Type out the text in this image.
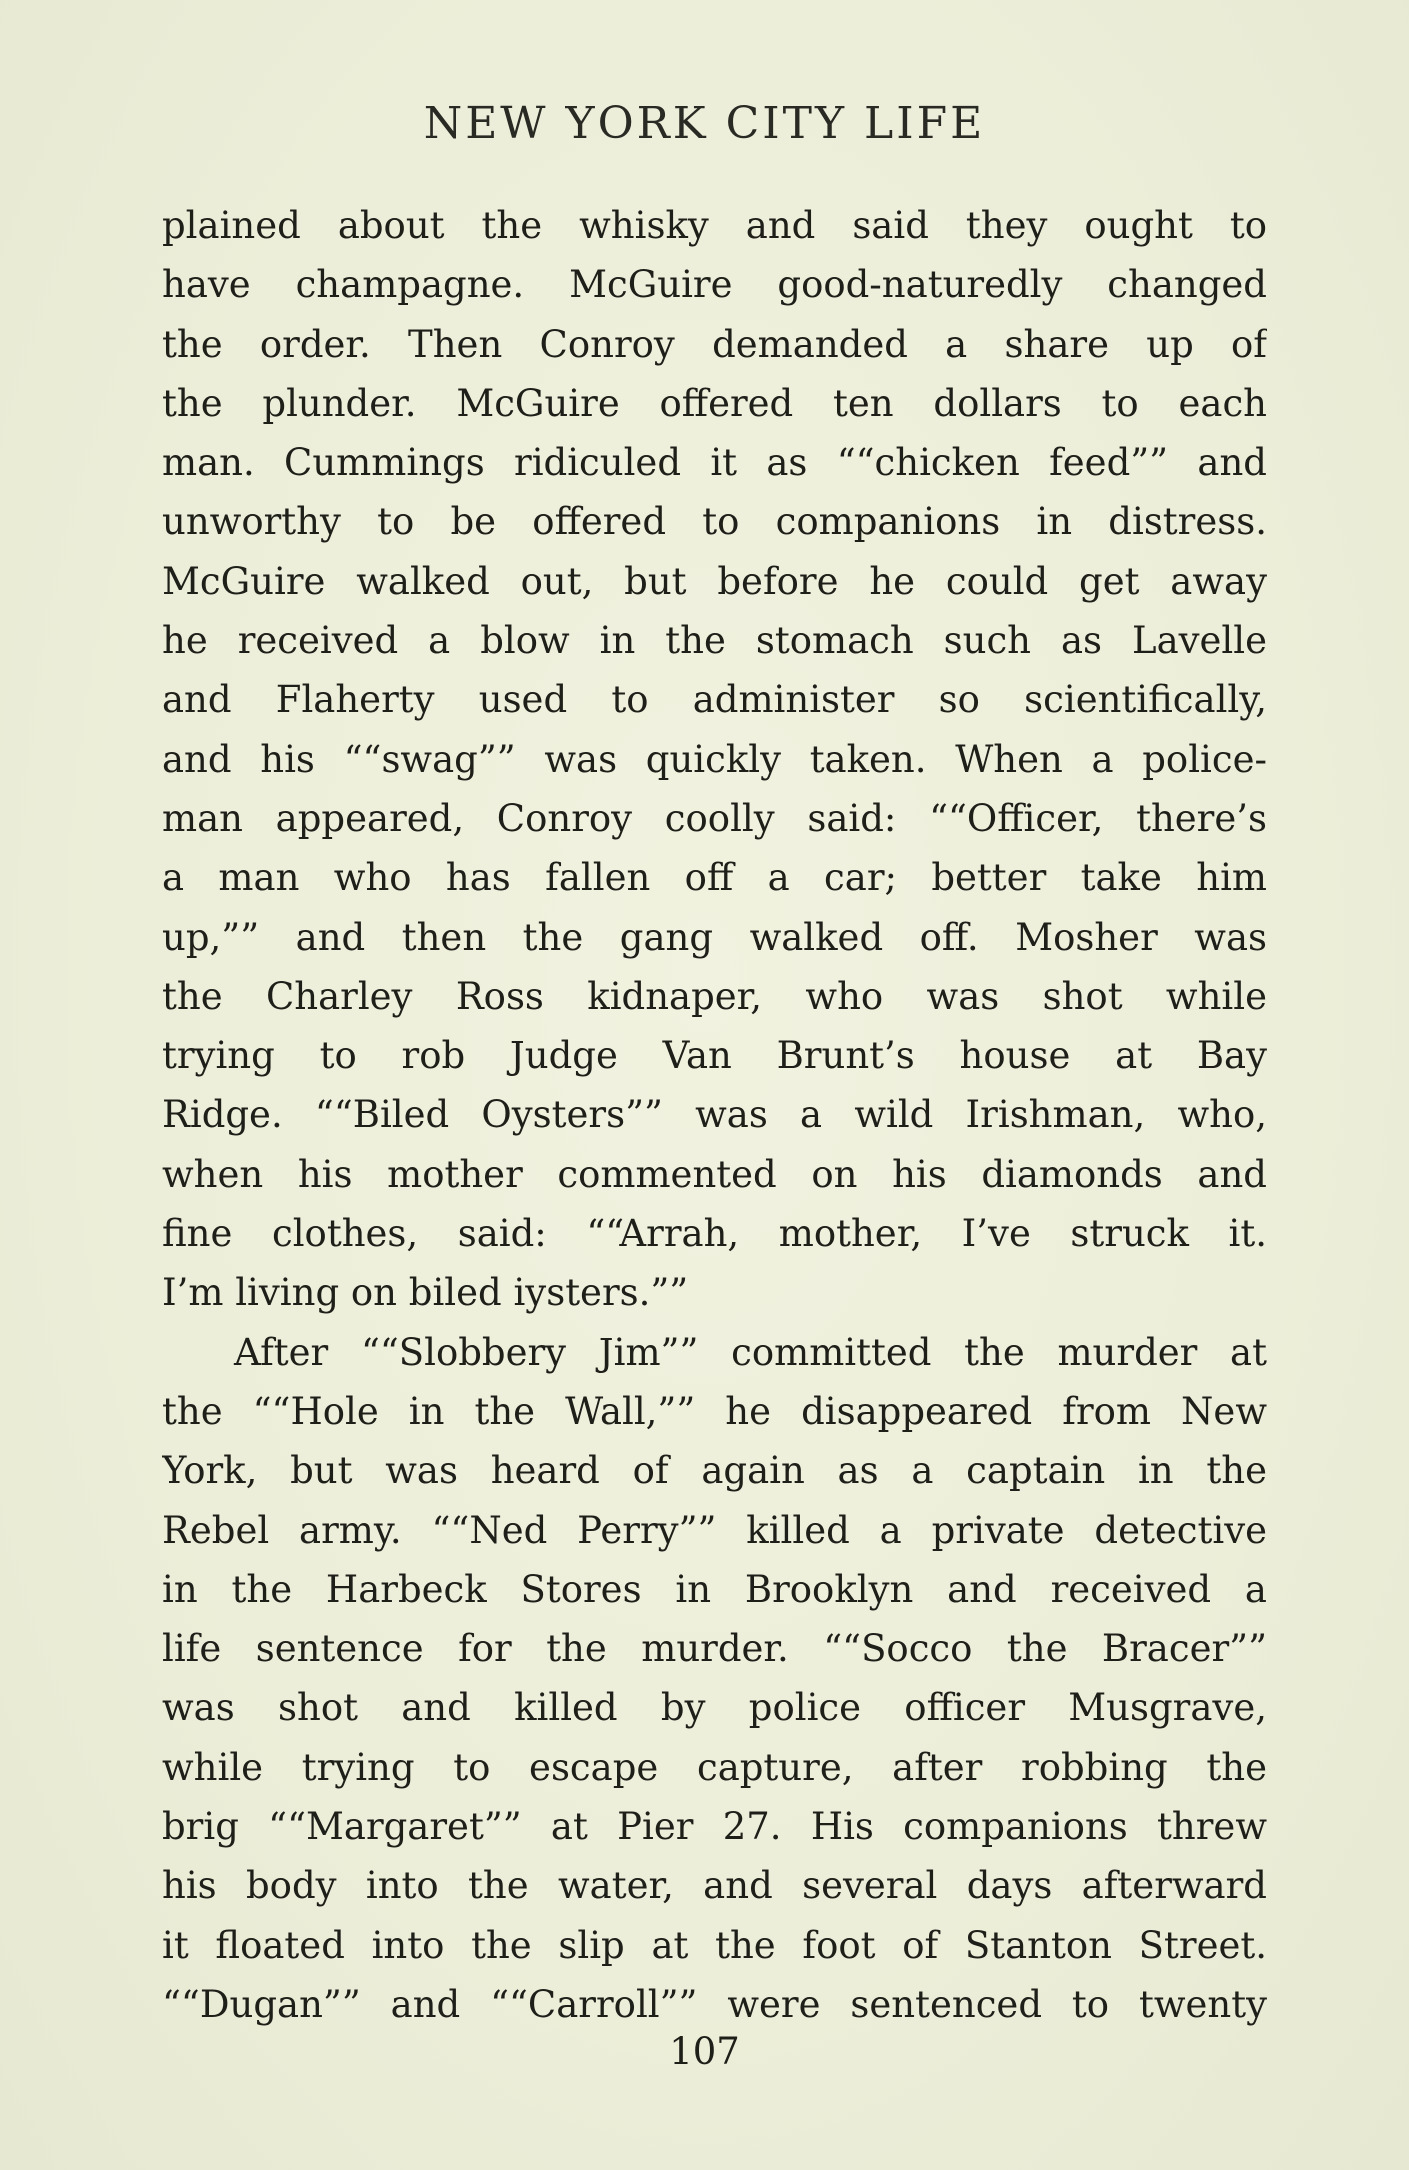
NEW YORK CITY LIFE
plained about the whisky and said they ought to
have champagne. McGuire good-naturedly changed
the order. Then Conroy demanded a share up of
the plunder. McGuire offered ten dollars to each
man. Cummings ridiculed it as ““chicken feed”” and
unworthy to be offered to companions in distress.
McGuire walked out, but before he could get away
he received a blow in the stomach such as Lavelle
and Flaherty used to administer so scientifically,
and his ““swag”” was quickly taken. When a police-
man appeared, Conroy coolly said: ““Officer, there’s
a man who has fallen off a car; better take him
up,”” and then the gang walked off. Mosher was
the Charley Ross kidnaper, who was shot while
trying to rob Judge Van Brunt’s house at Bay
Ridge. ““Biled Oysters”” was a wild Irishman, who,
when his mother commented on his diamonds and
fine clothes, said: ““Arrah, mother, I’ve struck it.
I’m living on biled iysters.””
After ““Slobbery Jim”” committed the murder at
the ““Hole in the Wall,”” he disappeared from New
York, but was heard of again as a captain in the
Rebel army. ““Ned Perry”” killed a private detective
in the Harbeck Stores in Brooklyn and received a
life sentence for the murder. ““Socco the Bracer””
was shot and killed by police officer Musgrave,
while trying to escape capture, after robbing the
brig ““Margaret”” at Pier 27. His companions threw
his body into the water, and several days afterward
it floated into the slip at the foot of Stanton Street.
““Dugan”” and ““Carroll”” were sentenced to twenty
107
